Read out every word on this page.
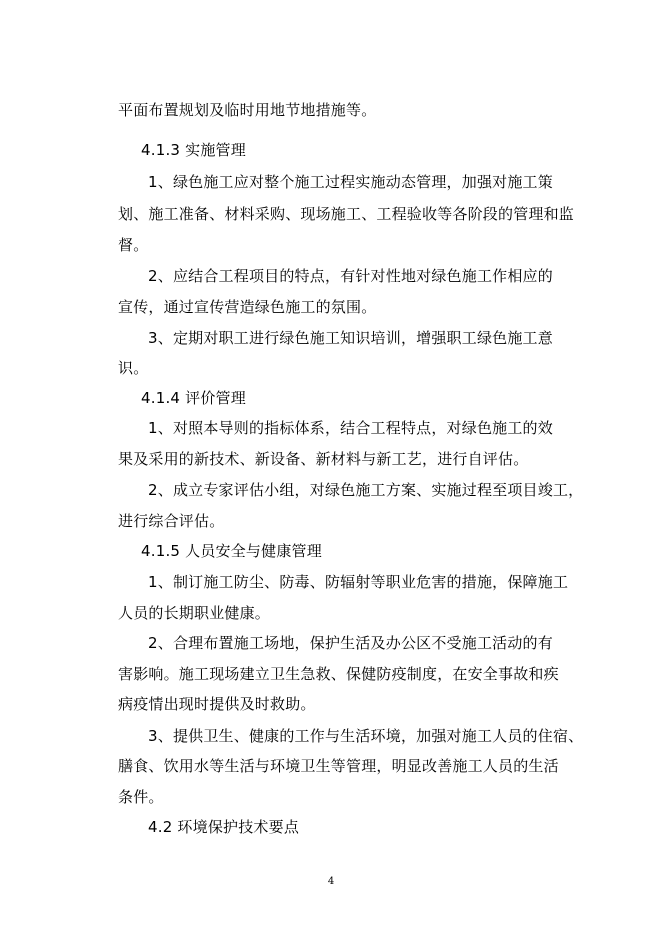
平面布置规划及临时用地节地措施等。
4.1.3 实施管理
1、绿色施工应对整个施工过程实施动态管理，加强对施工策
划、施工准备、材料采购、现场施工、工程验收等各阶段的管理和监
督。
2、应结合工程项目的特点，有针对性地对绿色施工作相应的
宣传，通过宣传营造绿色施工的氛围。
3、定期对职工进行绿色施工知识培训，增强职工绿色施工意
识。
4.1.4 评价管理
1、对照本导则的指标体系，结合工程特点，对绿色施工的效
果及采用的新技术、新设备、新材料与新工艺，进行自评估。
2、成立专家评估小组，对绿色施工方案、实施过程至项目竣工，
进行综合评估。
4.1.5 人员安全与健康管理
1、制订施工防尘、防毒、防辐射等职业危害的措施，保障施工
人员的长期职业健康。
2、合理布置施工场地，保护生活及办公区不受施工活动的有
害影响。施工现场建立卫生急救、保健防疫制度，在安全事故和疾
病疫情出现时提供及时救助。
3、提供卫生、健康的工作与生活环境，加强对施工人员的住宿、
膳食、饮用水等生活与环境卫生等管理，明显改善施工人员的生活
条件。
4.2 环境保护技术要点
4
